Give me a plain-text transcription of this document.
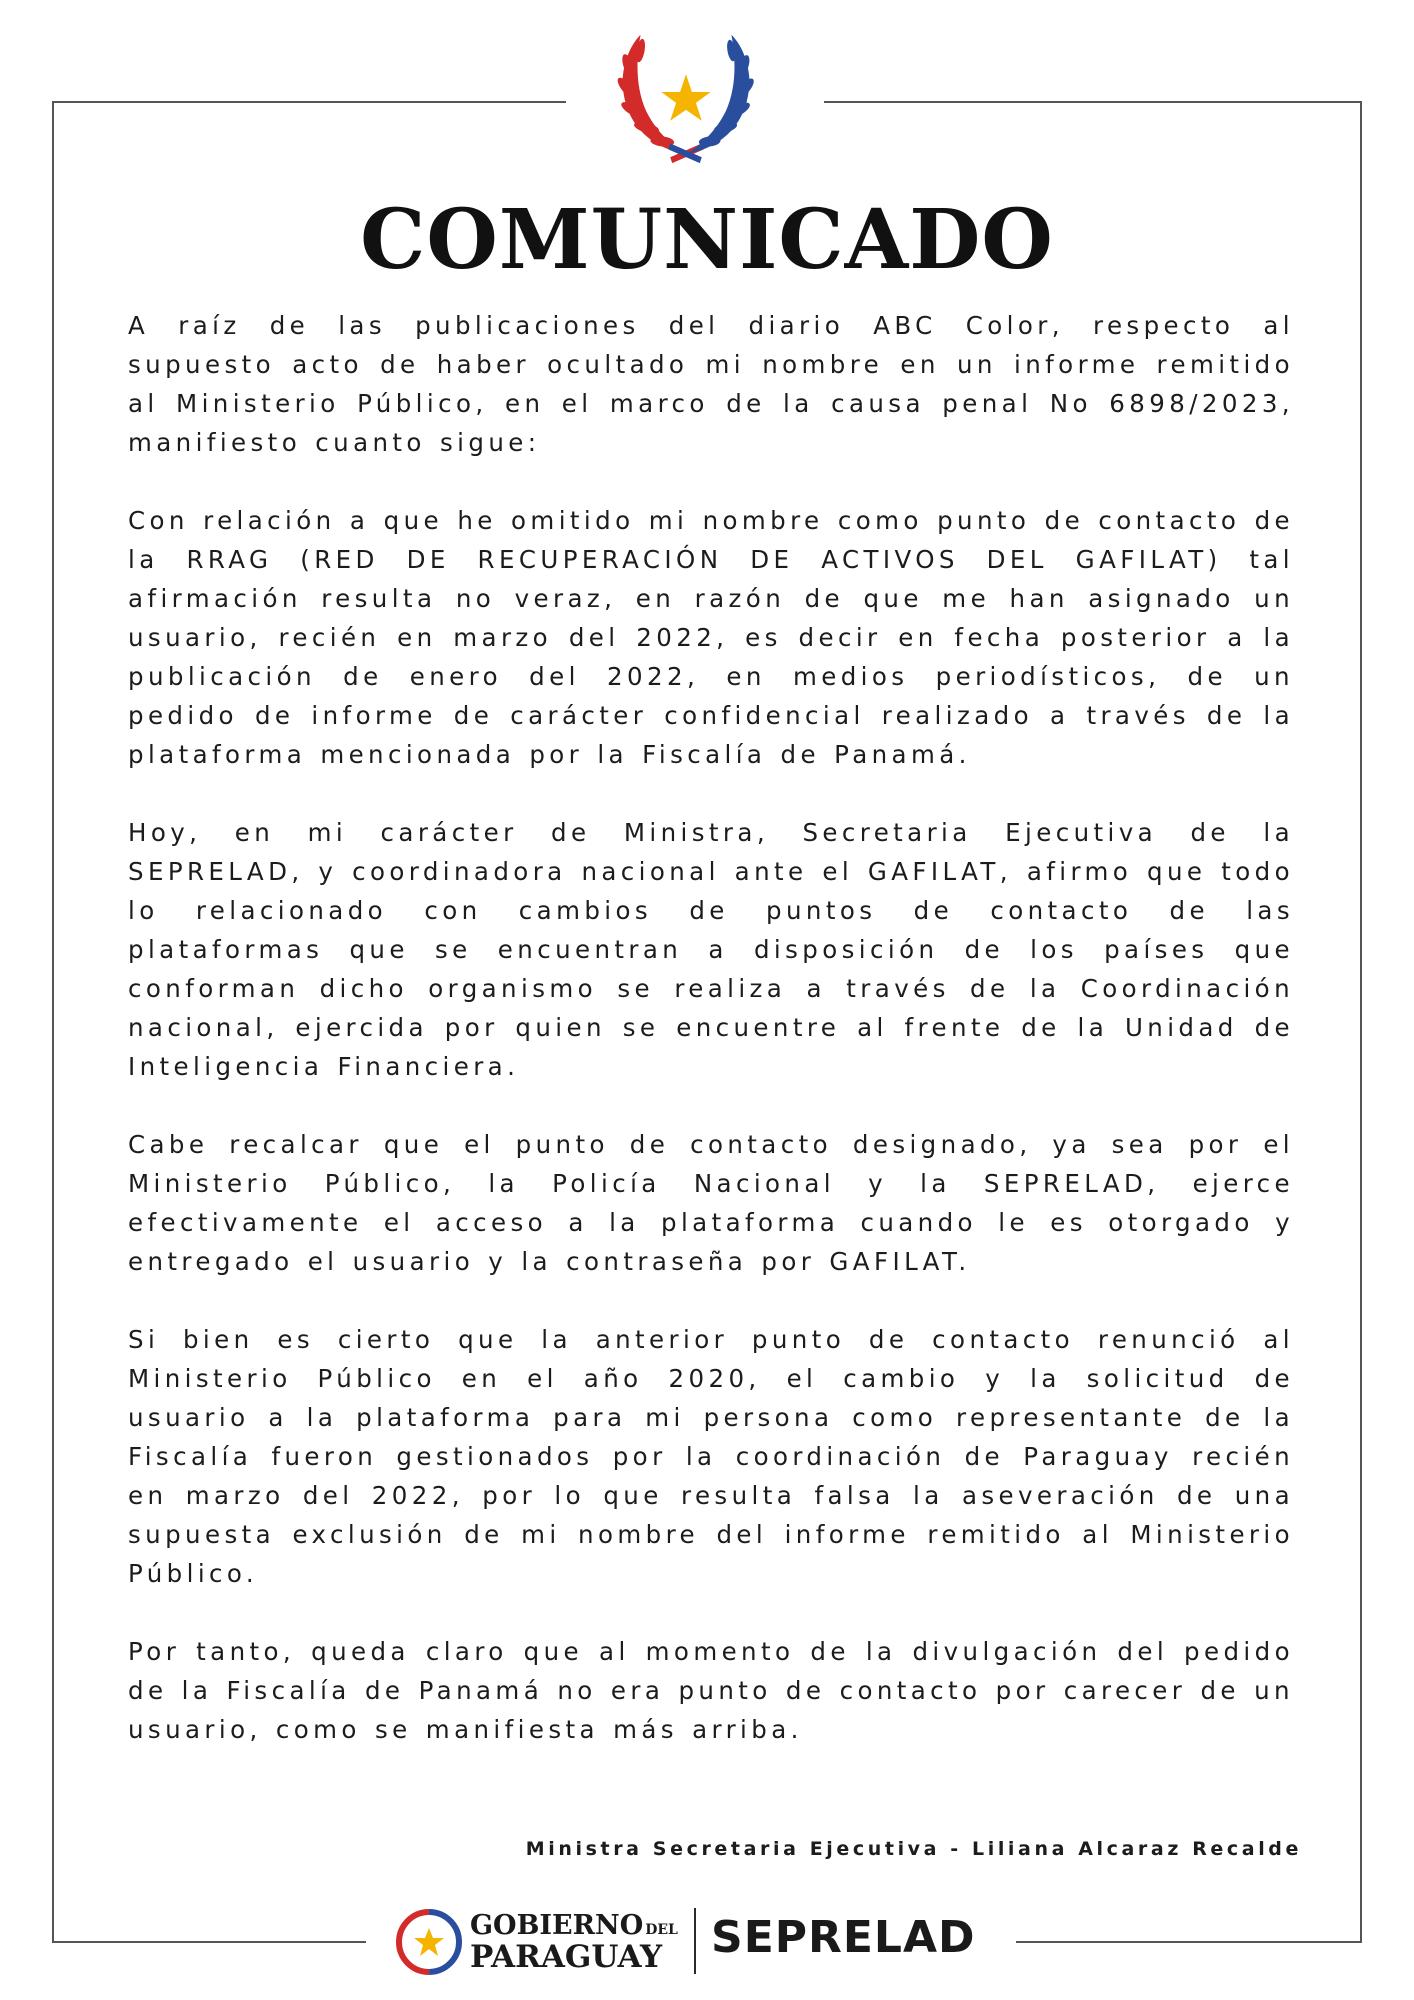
COMUNICADO

A raíz de las publicaciones del diario ABC Color, respecto al supuesto acto de haber ocultado mi nombre en un informe remitido al Ministerio Público, en el marco de la causa penal No 6898/2023, manifiesto cuanto sigue:

Con relación a que he omitido mi nombre como punto de contacto de la RRAG (RED DE RECUPERACIÓN DE ACTIVOS DEL GAFILAT) tal afirmación resulta no veraz, en razón de que me han asignado un usuario, recién en marzo del 2022, es decir en fecha posterior a la publicación de enero del 2022, en medios periodísticos, de un pedido de informe de carácter confidencial realizado a través de la plataforma mencionada por la Fiscalía de Panamá.

Hoy, en mi carácter de Ministra, Secretaria Ejecutiva de la SEPRELAD, y coordinadora nacional ante el GAFILAT, afirmo que todo lo relacionado con cambios de puntos de contacto de las plataformas que se encuentran a disposición de los países que conforman dicho organismo se realiza a través de la Coordinación nacional, ejercida por quien se encuentre al frente de la Unidad de Inteligencia Financiera.

Cabe recalcar que el punto de contacto designado, ya sea por el Ministerio Público, la Policía Nacional y la SEPRELAD, ejerce efectivamente el acceso a la plataforma cuando le es otorgado y entregado el usuario y la contraseña por GAFILAT.

Si bien es cierto que la anterior punto de contacto renunció al Ministerio Público en el año 2020, el cambio y la solicitud de usuario a la plataforma para mi persona como representante de la Fiscalía fueron gestionados por la coordinación de Paraguay recién en marzo del 2022, por lo que resulta falsa la aseveración de una supuesta exclusión de mi nombre del informe remitido al Ministerio Público.

Por tanto, queda claro que al momento de la divulgación del pedido de la Fiscalía de Panamá no era punto de contacto por carecer de un usuario, como se manifiesta más arriba.

Ministra Secretaria Ejecutiva - Liliana Alcaraz Recalde
GOBIERNO DEL
PARAGUAY	SEPRELAD
